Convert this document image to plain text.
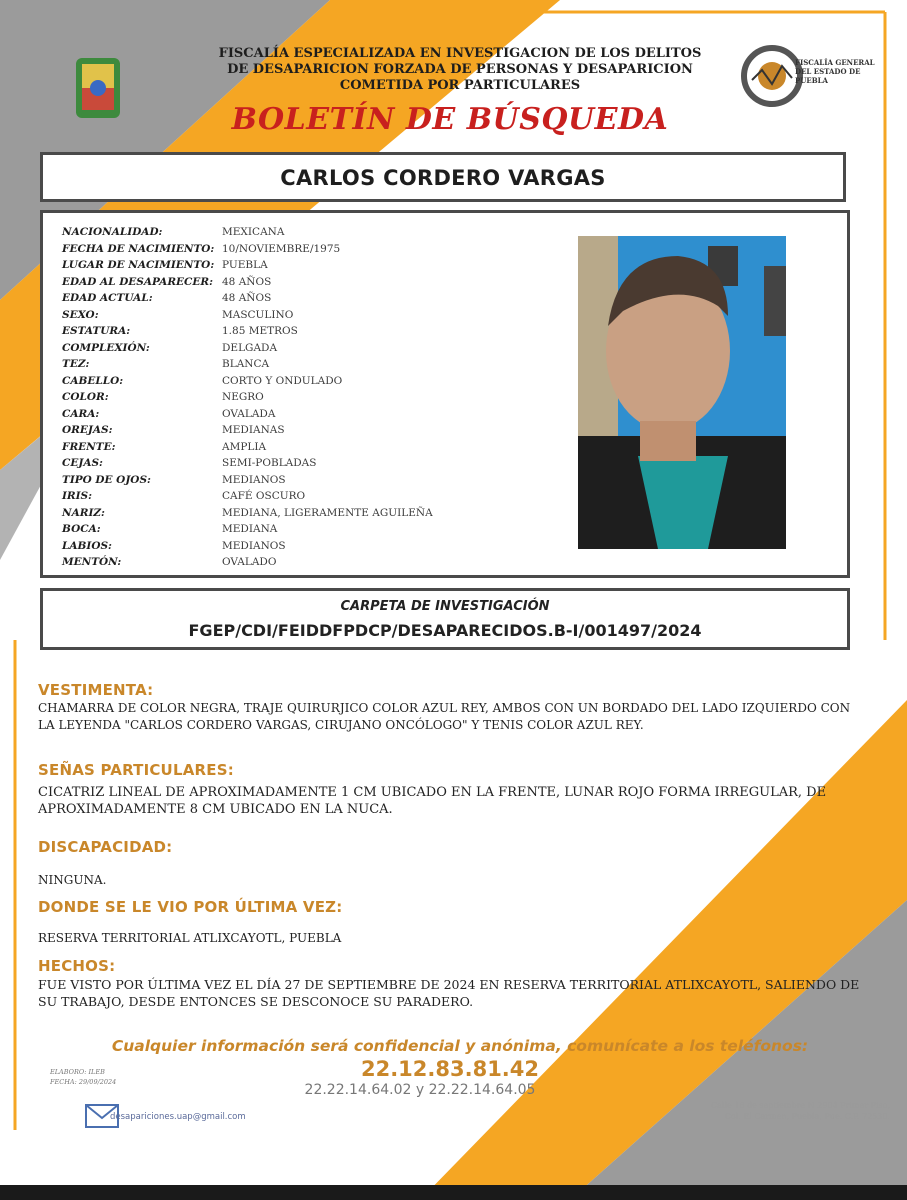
FISCALÍA ESPECIALIZADA EN INVESTIGACION DE LOS DELITOS
DE DESAPARICION FORZADA DE PERSONAS Y DESAPARICION
COMETIDA POR PARTICULARES
FISCALÍA GENERAL DEL ESTADO DE PUEBLA
BOLETÍN DE BÚSQUEDA
CARLOS CORDERO VARGAS
NACIONALIDAD:	MEXICANA
FECHA DE NACIMIENTO: 10/NOVIEMBRE/1975
LUGAR DE NACIMIENTO: PUEBLA
EDAD AL DESAPARECER: 48 AÑOS
EDAD ACTUAL:	48 AÑOS
SEXO:	MASCULINO
ESTATURA:	1.85 METROS
COMPLEXIÓN:	DELGADA
TEZ:	BLANCA
CABELLO:	CORTO Y ONDULADO
COLOR:	NEGRO
CARA:	OVALADA
OREJAS:	MEDIANAS
FRENTE:	AMPLIA
CEJAS:	SEMI-POBLADAS
TIPO DE OJOS:	MEDIANOS
IRIS:	CAFÉ OSCURO
NARIZ:	MEDIANA, LIGERAMENTE AGUILEÑA
BOCA:	MEDIANA
LABIOS:	MEDIANOS
MENTÓN:	OVALADO
CARPETA DE INVESTIGACIÓN
FGEP/CDI/FEIDDFPDCP/DESAPARECIDOS.B-I/001497/2024
VESTIMENTA:
CHAMARRA DE COLOR NEGRA, TRAJE QUIRURJICO COLOR AZUL REY, AMBOS CON UN BORDADO DEL LADO IZQUIERDO CON LA LEYENDA "CARLOS CORDERO VARGAS, CIRUJANO ONCÓLOGO" Y TENIS COLOR AZUL REY.
SEÑAS PARTICULARES:
CICATRIZ LINEAL DE APROXIMADAMENTE 1 CM UBICADO EN LA FRENTE, LUNAR ROJO FORMA IRREGULAR, DE APROXIMADAMENTE 8 CM UBICADO EN LA NUCA.
DISCAPACIDAD:
NINGUNA.
DONDE SE LE VIO POR ÚLTIMA VEZ:
RESERVA TERRITORIAL ATLIXCAYOTL, PUEBLA
HECHOS:
FUE VISTO POR ÚLTIMA VEZ EL DÍA 27 DE SEPTIEMBRE DE 2024 EN RESERVA TERRITORIAL ATLIXCAYOTL, SALIENDO DE SU TRABAJO, DESDE ENTONCES SE DESCONOCE SU PARADERO.
Cualquier información será confidencial y anónima, comunícate a los teléfonos:
22.12.83.81.42
22.22.14.64.02 y 22.22.14.64.05
ELABORO: ILEB
FECHA: 29/09/2024
desapariciones.uap@gmail.com
Calle 16 de septiembre N 2904 Primer Piso,
Col. El Carmen, Puebla, Pue. C.P. 72530.
